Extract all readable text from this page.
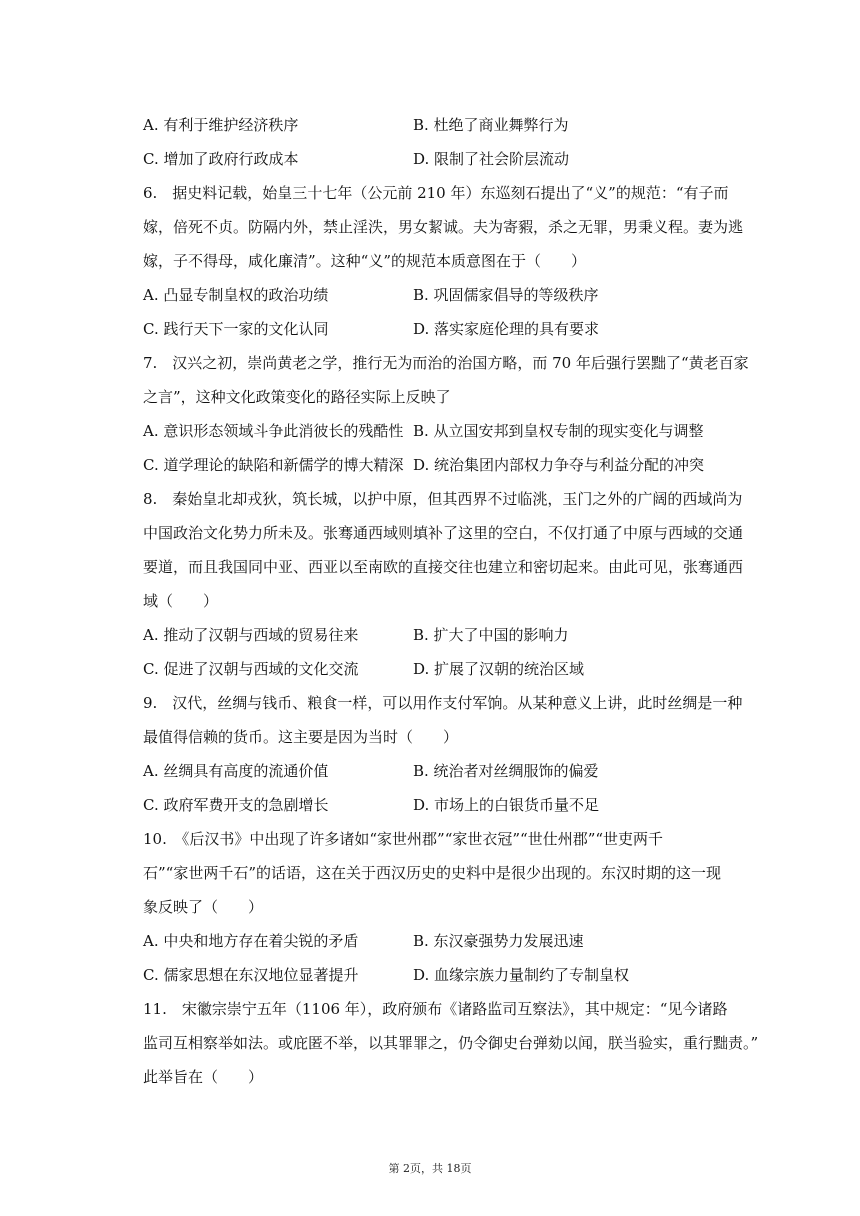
A. 有利于维护经济秩序	B. 杜绝了商业舞弊行为
C. 增加了政府行政成本	D. 限制了社会阶层流动
6.　据史料记载，始皇三十七年（公元前 210 年）东巡刻石提出了“义”的规范：“有子而
嫁，倍死不贞。防隔内外，禁止淫泆，男女絜诚。夫为寄豭，杀之无罪，男秉义程。妻为逃
嫁，子不得母，咸化廉清”。这种“义”的规范本质意图在于（　　）
A. 凸显专制皇权的政治功绩	B. 巩固儒家倡导的等级秩序
C. 践行天下一家的文化认同	D. 落实家庭伦理的具有要求
7.　汉兴之初，崇尚黄老之学，推行无为而治的治国方略，而 70 年后强行罢黜了“黄老百家
之言”，这种文化政策变化的路径实际上反映了
A. 意识形态领域斗争此消彼长的残酷性 B. 从立国安邦到皇权专制的现实变化与调整
C. 道学理论的缺陷和新儒学的博大精深 D. 统治集团内部权力争夺与利益分配的冲突
8.　秦始皇北却戎狄，筑长城，以护中原，但其西界不过临洮，玉门之外的广阔的西域尚为
中国政治文化势力所未及。张骞通西域则填补了这里的空白，不仅打通了中原与西域的交通
要道，而且我国同中亚、西亚以至南欧的直接交往也建立和密切起来。由此可见，张骞通西
域（　　）
A. 推动了汉朝与西域的贸易往来	B. 扩大了中国的影响力
C. 促进了汉朝与西域的文化交流	D. 扩展了汉朝的统治区域
9.　汉代，丝绸与钱币、粮食一样，可以用作支付军饷。从某种意义上讲，此时丝绸是一种
最值得信赖的货币。这主要是因为当时（　　）
A. 丝绸具有高度的流通价值	B. 统治者对丝绸服饰的偏爱
C. 政府军费开支的急剧增长	D. 市场上的白银货币量不足
10.　《后汉书》中出现了许多诸如“家世州郡”“家世衣冠”“世仕州郡”“世吏两千
石”“家世两千石”的话语，这在关于西汉历史的史料中是很少出现的。东汉时期的这一现
象反映了（　　）
A. 中央和地方存在着尖锐的矛盾	B. 东汉豪强势力发展迅速
C. 儒家思想在东汉地位显著提升	D. 血缘宗族力量制约了专制皇权
11.　宋徽宗崇宁五年（1106 年），政府颁布《诸路监司互察法》，其中规定：“见今诸路
监司互相察举如法。或庇匿不举，以其罪罪之，仍令御史台弹劾以闻，朕当验实，重行黜责。”
此举旨在（　　）
第 2页，共 18页
